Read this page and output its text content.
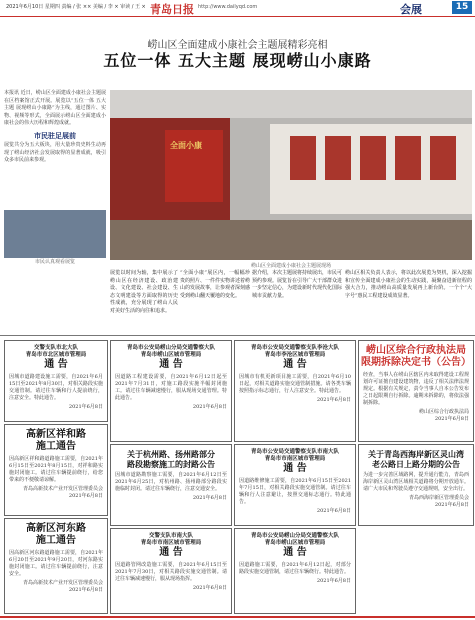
2021年6月10日 星期四 责编 / 张 ×× 美编 / 李 × 审读 / 王 × 青岛日报 http://www.dailyqd.com	会展	15
崂山区全面建成小康社会主题展精彩亮相
五位一体 五大主题 展现崂山小康路
本报讯 近日，崂山区全面建成小康社会主题展在区档案馆正式开展。展览以“五位一体 五大主题 展现崂山小康路”为主线，通过图片、实物、视频等形式，全面展示崂山区全面建成小康社会的伟大历程和辉煌成就。
市民驻足展前
展览共分为五大板块，用大量珍贵史料生动再现了崂山经济社会发展取得的显著成就，吸引众多市民前来参观。
市民认真观看展览
全面小康
崂山区全面建成小康社会主题展现场
展览以时间为轴，集中展示了崂山区在经济建设、政治建设、文化建设、社会建设、生态文明建设等方面取得的历史性成就，充分展现了崂山人民对美好生活的向往和追求。
“全面小康”展区内，一幅幅珍贵的照片、一件件实物讲述着崂山的发展故事，让参观者深刻感受到崂山翻天覆地的变化。
据介绍，本次主题展将持续展出，市民可预约参观。展览旨在引导广大干部群众进一步坚定信心，为建设新时代现代化国际城市贡献力量。
崂山区相关负责人表示，将以此次展览为契机，深入挖掘和宣传全面建成小康社会的生动实践，凝聚奋进新征程的强大合力，推动崂山高质量发展再上新台阶。一个个“大字号”惠民工程建设成效显著。
交警支队市北大队
青岛市市北区城市管理局
通 告
因城市道路建设施工需要，自2021年6月15日至2021年8月30日，对相关路段实施交通管制。请过往车辆和行人提前绕行，注意安全。特此通告。
2021年6月8日
青岛市公安局崂山分局交通警察大队
青岛市崂山区城市管理局
通 告
因道路工程建设需要，自2021年6月12日起至2021年7月31日，对施工路段实施半幅封闭施工。请过往车辆减速慢行，服从现场交通管理。特此通告。
2021年6月8日
青岛市公安局交通警察支队李沧大队
青岛市李沧区城市管理局
通 告
因城市有机更新项目施工需要，自2021年6月10日起，对相关道路实施交通管制措施。请各类车辆按照指示标志通行，行人注意安全。特此通告。
2021年6月8日
崂山区综合行政执法局
限期拆除决定书（公告）
经查，当事人在崂山区辖区内未取得建设工程规划许可证擅自建设建筑物，违反了相关法律法规规定。根据有关规定，责令当事人自本公告发布之日起限期自行拆除。逾期未拆除的，将依法强制拆除。
崂山区综合行政执法局
2021年6月8日
高新区祥和路
施工通告
因高新区祥和路道路施工需要，自2021年6月15日至2021年8月15日，对祥和路实施封闭施工。请过往车辆提前绕行，给您带来的不便敬请谅解。
青岛高新技术产业开发区管理委员会
2021年6月8日
关于杭州路、扬州路部分
路段勘察施工的封路公告
因城市道路勘察施工需要，自2021年6月12日至2021年6月25日，对杭州路、扬州路部分路段实施临时封闭。请过往车辆绕行，注意交通安全。
2021年6月8日
青岛市公安局交通警察支队市南大队
青岛市市南区城市管理局
通 告
因道路维修施工需要，自2021年6月15日至2021年7月15日，对相关路段实施交通管制。请过往车辆和行人注意避让，按照交通标志通行。特此通告。
2021年6月8日
关于青岛西海岸新区灵山湾
老公路日上路分期的公告
为进一步完善区域路网，提升通行能力，青岛西海岸新区灵山湾区域相关道路将分期开放通车。请广大市民和驾驶员遵守交通规则，安全出行。
青岛西海岸新区管理委员会
2021年6月8日
高新区河东路
施工通告
因高新区河东路道路施工需要，自2021年6月20日至2021年9月20日，对河东路实施封闭施工。请过往车辆提前绕行，注意安全。
青岛高新技术产业开发区管理委员会
2021年6月8日
交警支队市南大队
青岛市市南区城市管理局
通 告
因道路管网改造施工需要，自2021年6月15日至2021年7月30日，对相关路段实施交通管制。请过往车辆减速慢行，服从现场指挥。
2021年6月8日
青岛市公安局崂山分局交通警察大队
青岛市崂山区城市管理局
通 告
因道路施工需要，自2021年6月12日起，对部分路段实施交通管制，请过往车辆绕行。特此通告。
2021年6月8日
